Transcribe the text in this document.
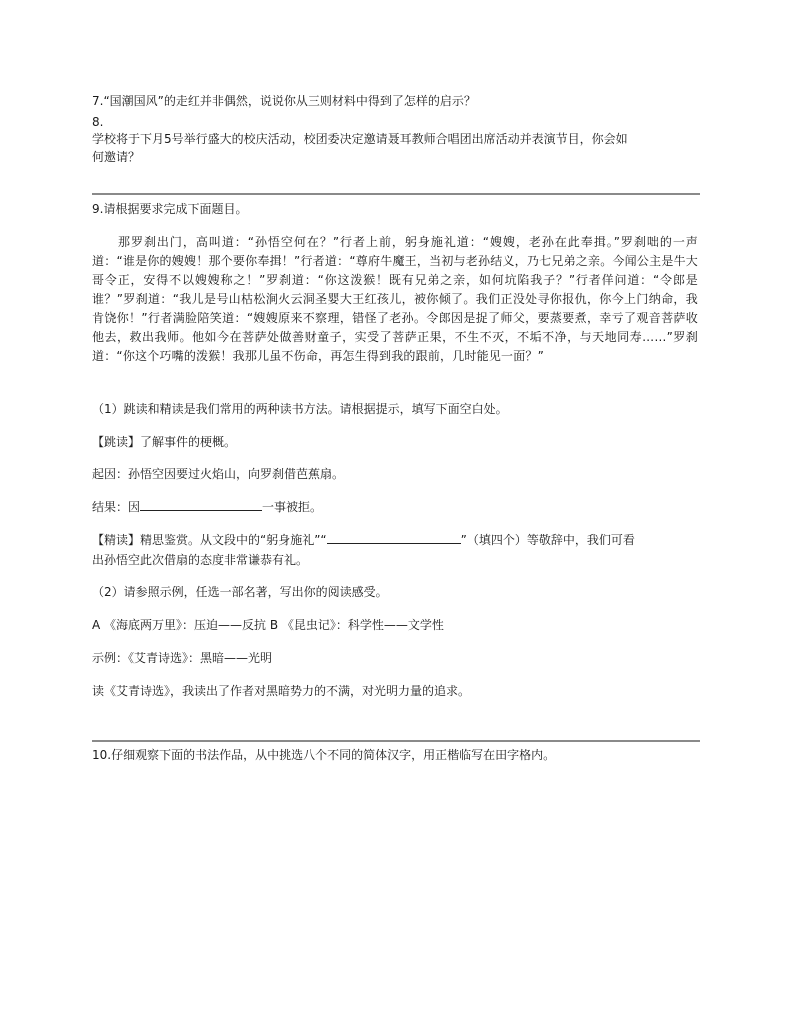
7.“国潮国风”的走红并非偶然，说说你从三则材料中得到了怎样的启示？

8.

学校将于下月5号举行盛大的校庆活动，校团委决定邀请聂耳教师合唱团出席活动并表演节目，你会如

何邀请？

9.请根据要求完成下面题目。

那罗刹出门，高叫道：“孙悟空何在？”行者上前，躬身施礼道：“嫂嫂，老孙在此奉揖。”罗刹咄的一声道：“谁是你的嫂嫂！那个要你奉揖！”行者道：“尊府牛魔王，当初与老孙结义，乃七兄弟之亲。今闻公主是牛大哥令正，安得不以嫂嫂称之！”罗刹道：“你这泼猴！既有兄弟之亲，如何坑陷我子？”行者佯问道：“令郎是谁？”罗刹道：“我儿是号山枯松涧火云洞圣婴大王红孩儿，被你倾了。我们正没处寻你报仇，你今上门纳命，我肯饶你！”行者满脸陪笑道：“嫂嫂原来不察理，错怪了老孙。令郎因是捉了师父，要蒸要煮，幸亏了观音菩萨收他去，救出我师。他如今在菩萨处做善财童子，实受了菩萨正果，不生不灭，不垢不净，与天地同寿……”罗刹道：“你这个巧嘴的泼猴！我那儿虽不伤命，再怎生得到我的跟前，几时能见一面？”

（1）跳读和精读是我们常用的两种读书方法。请根据提示，填写下面空白处。

【跳读】了解事件的梗概。

起因：孙悟空因要过火焰山，向罗刹借芭蕉扇。

结果：因	一事被拒。

【精读】精思鉴赏。从文段中的“躬身施礼”“	”（填四个）等敬辞中，我们可看

出孙悟空此次借扇的态度非常谦恭有礼。

（2）请参照示例，任选一部名著，写出你的阅读感受。

A 《海底两万里》：压迫——反抗 B 《昆虫记》：科学性——文学性

示例：《艾青诗选》：黑暗——光明

读《艾青诗选》，我读出了作者对黑暗势力的不满，对光明力量的追求。

10.仔细观察下面的书法作品，从中挑选八个不同的简体汉字，用正楷临写在田字格内。
